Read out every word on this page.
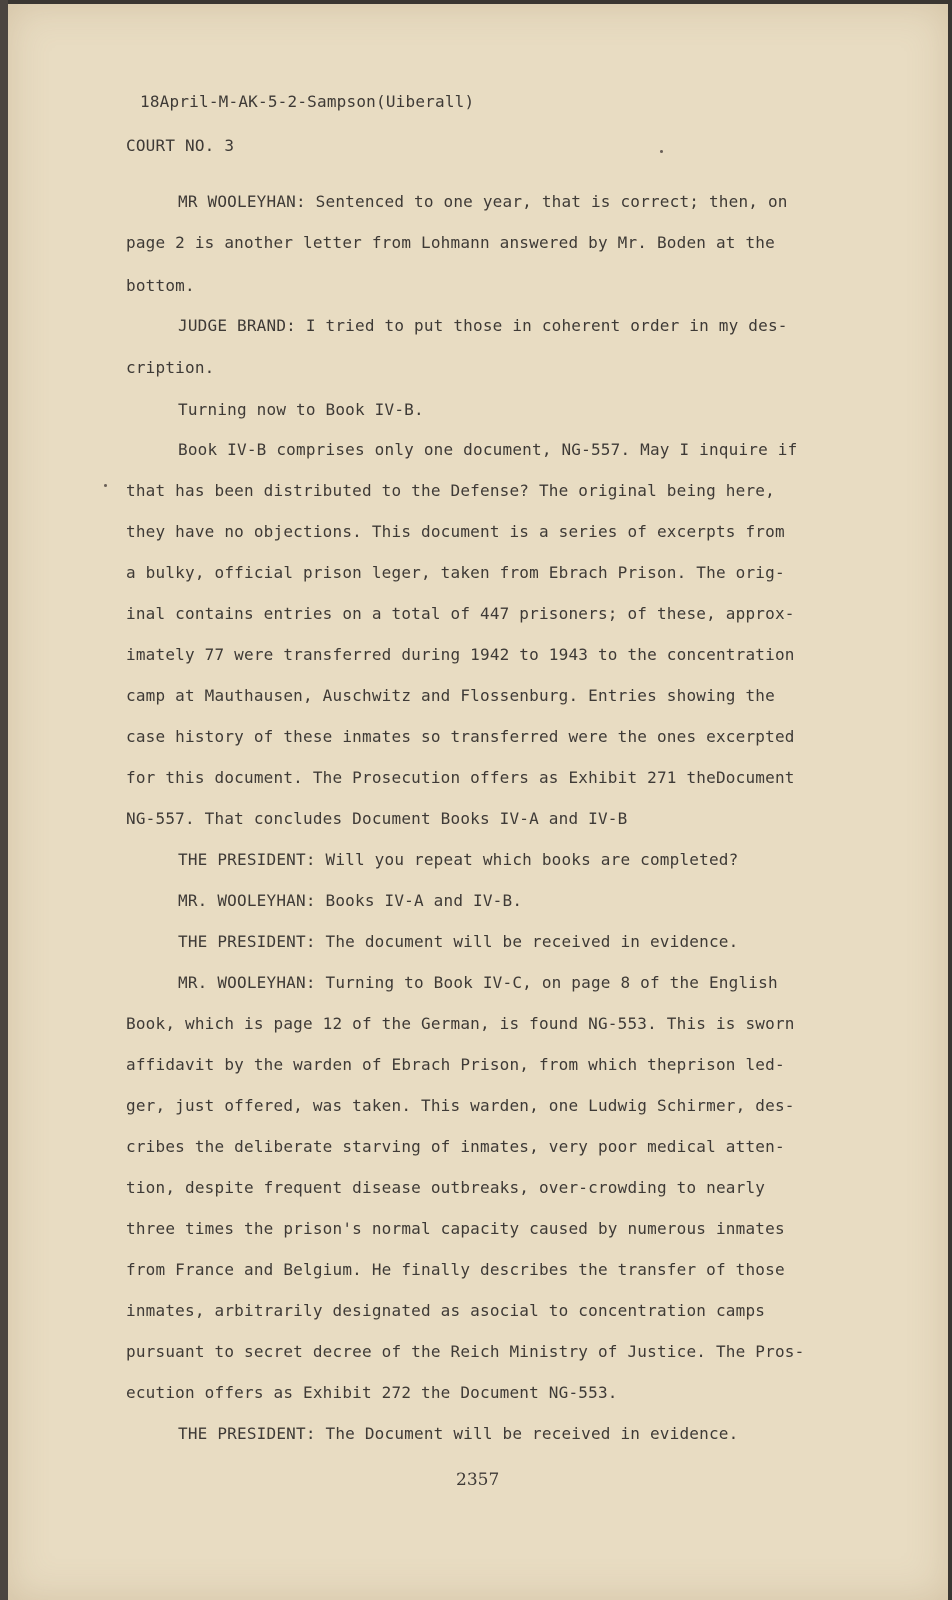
18April-M-AK-5-2-Sampson(Uiberall)
COURT NO. 3
MR WOOLEYHAN: Sentenced to one year, that is correct; then, on
page 2 is another letter from Lohmann answered by Mr. Boden at the
bottom.
JUDGE BRAND: I tried to put those in coherent order in my des-
cription.
Turning now to Book IV-B.
Book IV-B comprises only one document, NG-557. May I inquire if
that has been distributed to the Defense? The original being here,
they have no objections. This document is a series of excerpts from
a bulky, official prison leger, taken from Ebrach Prison. The orig-
inal contains entries on a total of 447 prisoners; of these, approx-
imately 77 were transferred during 1942 to 1943 to the concentration
camp at Mauthausen, Auschwitz and Flossenburg. Entries showing the
case history of these inmates so transferred were the ones excerpted
for this document. The Prosecution offers as Exhibit 271 theDocument
NG-557. That concludes Document Books IV-A and IV-B
THE PRESIDENT: Will you repeat which books are completed?
MR. WOOLEYHAN: Books IV-A and IV-B.
THE PRESIDENT: The document will be received in evidence.
MR. WOOLEYHAN: Turning to Book IV-C, on page 8 of the English
Book, which is page 12 of the German, is found NG-553. This is sworn
affidavit by the warden of Ebrach Prison, from which theprison led-
ger, just offered, was taken. This warden, one Ludwig Schirmer, des-
cribes the deliberate starving of inmates, very poor medical atten-
tion, despite frequent disease outbreaks, over-crowding to nearly
three times the prison's normal capacity caused by numerous inmates
from France and Belgium. He finally describes the transfer of those
inmates, arbitrarily designated as asocial to concentration camps
pursuant to secret decree of the Reich Ministry of Justice. The Pros-
ecution offers as Exhibit 272 the Document NG-553.
THE PRESIDENT: The Document will be received in evidence.
2357
